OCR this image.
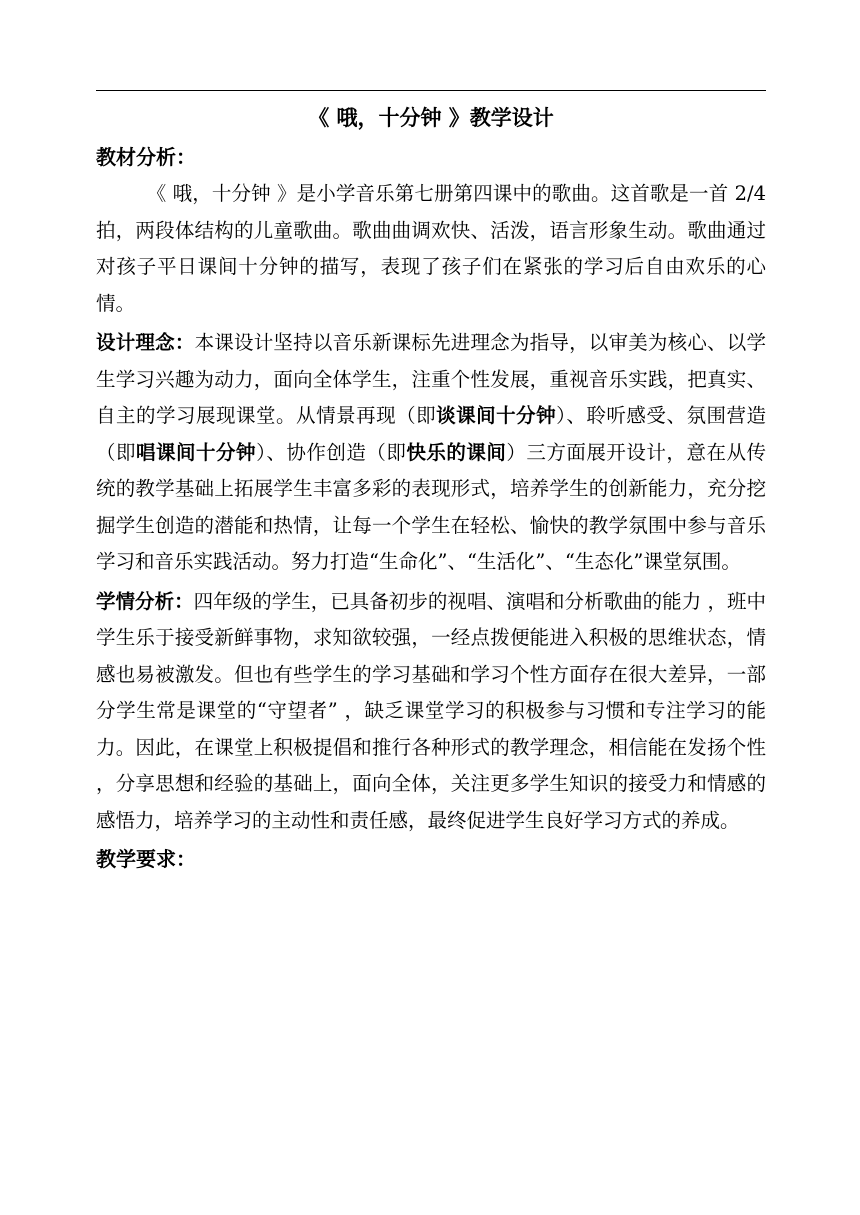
《 哦，十分钟 》教学设计

教材分析：

《 哦，十分钟 》是小学音乐第七册第四课中的歌曲。这首歌是一首 2/4 拍，两段体结构的儿童歌曲。歌曲曲调欢快、活泼，语言形象生动。歌曲通过对孩子平日课间十分钟的描写，表现了孩子们在紧张的学习后自由欢乐的心情。

设计理念：本课设计坚持以音乐新课标先进理念为指导，以审美为核心、以学生学习兴趣为动力，面向全体学生，注重个性发展，重视音乐实践，把真实、自主的学习展现课堂。从情景再现（即谈课间十分钟）、聆听感受、氛围营造（即唱课间十分钟）、协作创造（即快乐的课间）三方面展开设计，意在从传统的教学基础上拓展学生丰富多彩的表现形式，培养学生的创新能力，充分挖掘学生创造的潜能和热情，让每一个学生在轻松、愉快的教学氛围中参与音乐学习和音乐实践活动。努力打造“生命化”、“生活化”、“生态化”课堂氛围。

学情分析：四年级的学生，已具备初步的视唱、演唱和分析歌曲的能力 ，班中学生乐于接受新鲜事物，求知欲较强，一经点拨便能进入积极的思维状态，情感也易被激发。但也有些学生的学习基础和学习个性方面存在很大差异，一部分学生常是课堂的“守望者” ，缺乏课堂学习的积极参与习惯和专注学习的能力。因此，在课堂上积极提倡和推行各种形式的教学理念，相信能在发扬个性 ，分享思想和经验的基础上，面向全体，关注更多学生知识的接受力和情感的感悟力，培养学习的主动性和责任感，最终促进学生良好学习方式的养成。

教学要求：
